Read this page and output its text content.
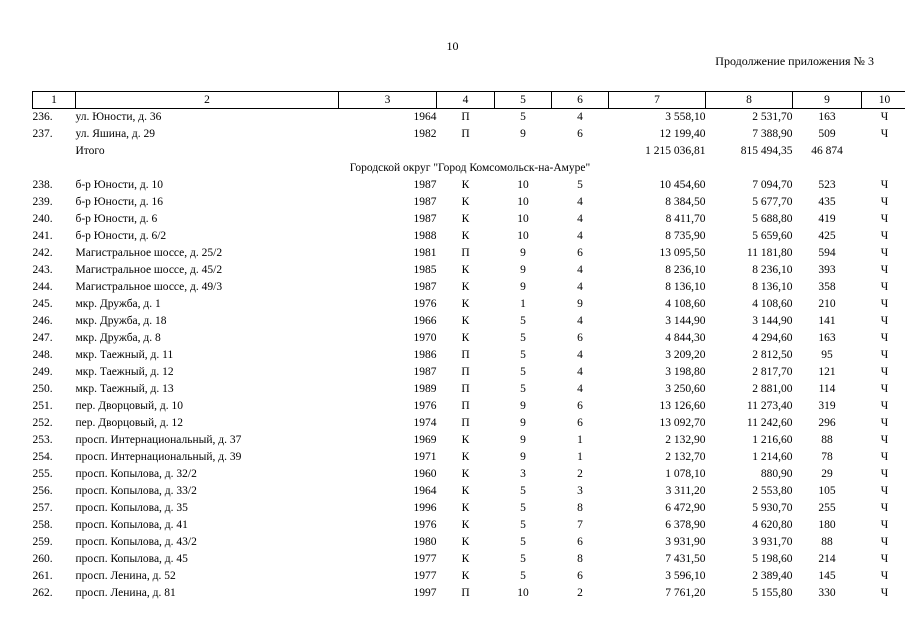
10
Продолжение приложения № 3
1	2	3	4	5	6	7	8	9	10
236.	ул. Юности, д. 36	1964	П	5	4	3 558,10	2 531,70	163	Ч
237.	ул. Яшина, д. 29	1982	П	9	6	12 199,40	7 388,90	509	Ч
	Итого					1 215 036,81	815 494,35	46 874	
Городской округ "Город Комсомольск-на-Амуре"									
238.	б-р Юности, д. 10	1987	К	10	5	10 454,60	7 094,70	523	Ч
239.	б-р Юности, д. 16	1987	К	10	4	8 384,50	5 677,70	435	Ч
240.	б-р Юности, д. 6	1987	К	10	4	8 411,70	5 688,80	419	Ч
241.	б-р Юности, д. 6/2	1988	К	10	4	8 735,90	5 659,60	425	Ч
242.	Магистральное шоссе, д. 25/2	1981	П	9	6	13 095,50	11 181,80	594	Ч
243.	Магистральное шоссе, д. 45/2	1985	К	9	4	8 236,10	8 236,10	393	Ч
244.	Магистральное шоссе, д. 49/3	1987	К	9	4	8 136,10	8 136,10	358	Ч
245.	мкр. Дружба, д. 1	1976	К	1	9	4 108,60	4 108,60	210	Ч
246.	мкр. Дружба, д. 18	1966	К	5	4	3 144,90	3 144,90	141	Ч
247.	мкр. Дружба, д. 8	1970	К	5	6	4 844,30	4 294,60	163	Ч
248.	мкр. Таежный, д. 11	1986	П	5	4	3 209,20	2 812,50	95	Ч
249.	мкр. Таежный, д. 12	1987	П	5	4	3 198,80	2 817,70	121	Ч
250.	мкр. Таежный, д. 13	1989	П	5	4	3 250,60	2 881,00	114	Ч
251.	пер. Дворцовый, д. 10	1976	П	9	6	13 126,60	11 273,40	319	Ч
252.	пер. Дворцовый, д. 12	1974	П	9	6	13 092,70	11 242,60	296	Ч
253.	просп. Интернациональный, д. 37	1969	К	9	1	2 132,90	1 216,60	88	Ч
254.	просп. Интернациональный, д. 39	1971	К	9	1	2 132,70	1 214,60	78	Ч
255.	просп. Копылова, д. 32/2	1960	К	3	2	1 078,10	880,90	29	Ч
256.	просп. Копылова, д. 33/2	1964	К	5	3	3 311,20	2 553,80	105	Ч
257.	просп. Копылова, д. 35	1996	К	5	8	6 472,90	5 930,70	255	Ч
258.	просп. Копылова, д. 41	1976	К	5	7	6 378,90	4 620,80	180	Ч
259.	просп. Копылова, д. 43/2	1980	К	5	6	3 931,90	3 931,70	88	Ч
260.	просп. Копылова, д. 45	1977	К	5	8	7 431,50	5 198,60	214	Ч
261.	просп. Ленина, д. 52	1977	К	5	6	3 596,10	2 389,40	145	Ч
262.	просп. Ленина, д. 81	1997	П	10	2	7 761,20	5 155,80	330	Ч
